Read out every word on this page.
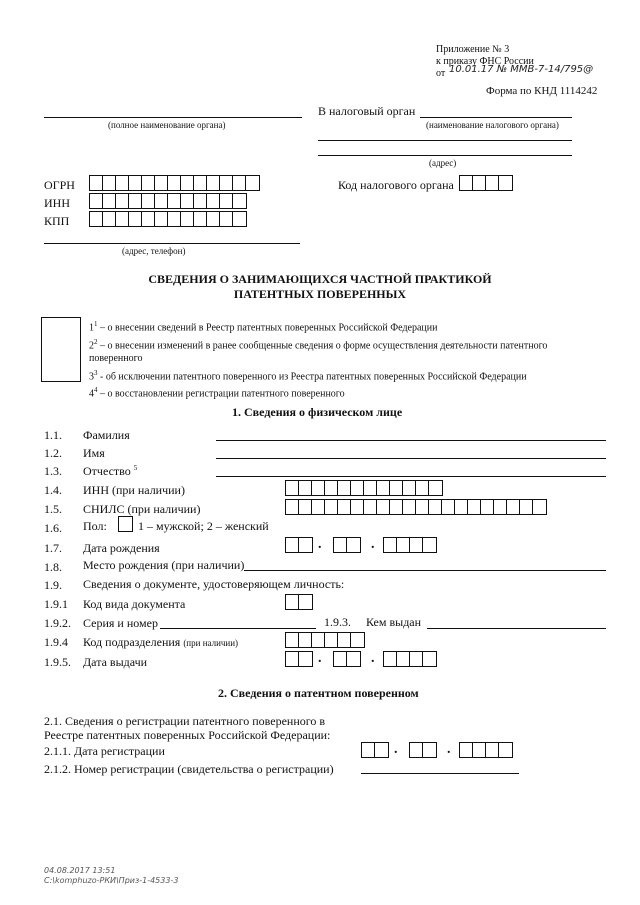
Приложение № 3
к приказу ФНС России
от 10.01.17 № ММВ-7-14/795@
Форма по КНД 1114242
(полное наименование органа)
ОГРН
ИНН
КПП
(адрес, телефон)
В налоговый орган
(наименование налогового органа)
(адрес)
Код налогового органа
СВЕДЕНИЯ О ЗАНИМАЮЩИХСЯ ЧАСТНОЙ ПРАКТИКОЙ ПАТЕНТНЫХ ПОВЕРЕННЫХ
$1^1$ – о внесении сведений в Реестр патентных поверенных Российской Федерации
$2^2$ – о внесении изменений в ранее сообщенные сведения о форме осуществления деятельности патентного поверенного
$3^3$ - об исключении патентного поверенного из Реестра патентных поверенных Российской Федерации
$4^4$ – о восстановлении регистрации патентного поверенного
1. Сведения о физическом лице
1.1. Фамилия
1.2. Имя
1.3. Отчество $^5$
1.4. ИНН (при наличии)
1.5. СНИЛС (при наличии)
1.6. Пол:	1 – мужской; 2 – женский
1.7. Дата рождения	.	.
1.8. Место рождения (при наличии)
1.9. Сведения о документе, удостоверяющем личность:
1.9.1 Код вида документа
1.9.2. Серия и номер	1.9.3. Кем выдан
1.9.4 Код подразделения (при наличии)
1.9.5. Дата выдачи	.	.
2. Сведения о патентном поверенном
2.1. Сведения о регистрации патентного поверенного в
Реестре патентных поверенных Российской Федерации:
2.1.1. Дата регистрации	.	.
2.1.2. Номер регистрации (свидетельства о регистрации)
04.08.2017 13:51
C:\komphuzo-РКИ\Приз-1-4533-3
